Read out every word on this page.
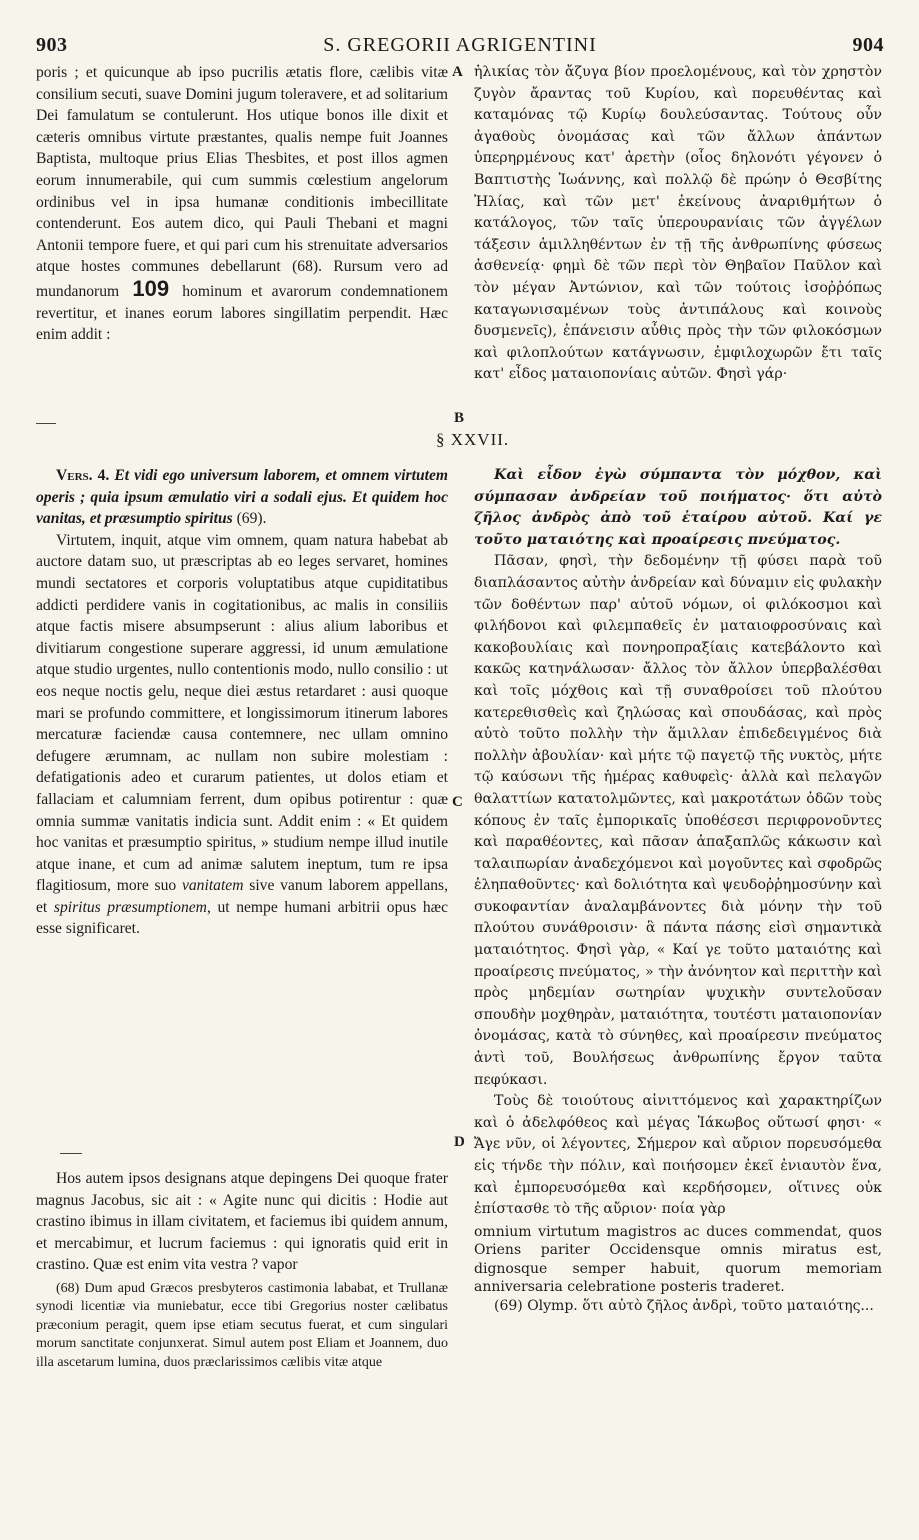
903	S. GREGORII AGRIGENTINI	904
A
B
C
D

poris ; et quicunque ab ipso pucrilis ætatis flore, cælibis vitæ consilium secuti, suave Domini jugum toleravere, et ad solitarium Dei famulatum se contulerunt. Hos utique bonos ille dixit et cæteris omnibus virtute præstantes, qualis nempe fuit Joannes Baptista, multoque prius Elias Thesbites, et post illos agmen eorum innumerabile, qui cum summis cœlestium angelorum ordinibus vel in ipsa humanæ conditionis imbecillitate contenderunt. Eos autem dico, qui Pauli Thebani et magni Antonii tempore fuere, et qui pari cum his strenuitate adversarios atque hostes communes debellarunt (68). Rursum vero ad mundanorum 109 hominum et avarorum condemnationem revertitur, et inanes eorum labores singillatim perpendit. Hæc enim addit :

§ XXVII.

Vers. 4. Et vidi ego universum laborem, et omnem virtutem operis ; quia ipsum æmulatio viri a sodali ejus. Et quidem hoc vanitas, et præsumptio spiritus (69).

Virtutem, inquit, atque vim omnem, quam natura habebat ab auctore datam suo, ut præscriptas ab eo leges servaret, homines mundi sectatores et corporis voluptatibus atque cupiditatibus addicti perdidere vanis in cogitationibus, ac malis in consiliis atque factis misere absumpserunt : alius alium laboribus et divitiarum congestione superare aggressi, id unum æmulatione atque studio urgentes, nullo contentionis modo, nullo consilio : ut eos neque noctis gelu, neque diei æstus retardaret : ausi quoque mari se profundo committere, et longissimorum itinerum labores mercaturæ faciendæ causa contemnere, nec ullam omnino defugere ærumnam, ac nullam non subire molestiam : defatigationis adeo et curarum patientes, ut dolos etiam et fallaciam et calumniam ferrent, dum opibus potirentur : quæ omnia summæ vanitatis indicia sunt. Addit enim : « Et quidem hoc vanitas et præsumptio spiritus, » studium nempe illud inutile atque inane, et cum ad animæ salutem ineptum, tum re ipsa flagitiosum, more suo vanitatem sive vanum laborem appellans, et spiritus præsumptionem, ut nempe humani arbitrii opus hæc esse significaret.

Hos autem ipsos designans atque depingens Dei quoque frater magnus Jacobus, sic ait : « Agite nunc qui dicitis : Hodie aut crastino ibimus in illam civitatem, et faciemus ibi quidem annum, et mercabimur, et lucrum faciemus : qui ignoratis quid erit in crastino. Quæ est enim vita vestra ? vapor

(68) Dum apud Græcos presbyteros castimonia lababat, et Trullanæ synodi licentiæ via muniebatur, ecce tibi Gregorius noster cælibatus præconium peragit, quem ipse etiam secutus fuerat, et cum singulari morum sanctitate conjunxerat. Simul autem post Eliam et Joannem, duo illa ascetarum lumina, duos præclarissimos cælibis vitæ atque

ἡλικίας τὸν ἄζυγα βίον προελομένους, καὶ τὸν χρηστὸν ζυγὸν ἄραντας τοῦ Κυρίου, καὶ πορευθέντας καὶ καταμόνας τῷ Κυρίῳ δουλεύσαντας. Τούτους οὖν ἀγαθοὺς ὀνομάσας καὶ τῶν ἄλλων ἁπάντων ὑπερηρμένους κατ' ἀρετὴν (οἷος δηλονότι γέγονεν ὁ Βαπτιστὴς Ἰωάννης, καὶ πολλῷ δὲ πρώην ὁ Θεσβίτης Ἠλίας, καὶ τῶν μετ' ἐκείνους ἀναριθμήτων ὁ κατάλογος, τῶν ταῖς ὑπερουρανίαις τῶν ἀγγέλων τάξεσιν ἁμιλληθέντων ἐν τῇ τῆς ἀνθρωπίνης φύσεως ἀσθενείᾳ· φημὶ δὲ τῶν περὶ τὸν Θηβαῖον Παῦλον καὶ τὸν μέγαν Ἀντώνιον, καὶ τῶν τούτοις ἰσοῤῥόπως καταγωνισαμένων τοὺς ἀντιπάλους καὶ κοινοὺς δυσμενεῖς), ἐπάνεισιν αὖθις πρὸς τὴν τῶν φιλοκόσμων καὶ φιλοπλούτων κατάγνωσιν, ἐμφιλοχωρῶν ἔτι ταῖς κατ' εἶδος ματαιοπονίαις αὐτῶν. Φησὶ γάρ·

Καὶ εἶδον ἐγὼ σύμπαντα τὸν μόχθον, καὶ σύμπασαν ἀνδρείαν τοῦ ποιήματος· ὅτι αὐτὸ ζῆλος ἀνδρὸς ἀπὸ τοῦ ἑταίρου αὐτοῦ. Καί γε τοῦτο ματαιότης καὶ προαίρεσις πνεύματος.

Πᾶσαν, φησὶ, τὴν δεδομένην τῇ φύσει παρὰ τοῦ διαπλάσαντος αὐτὴν ἀνδρείαν καὶ δύναμιν εἰς φυλακὴν τῶν δοθέντων παρ' αὐτοῦ νόμων, οἱ φιλόκοσμοι καὶ φιλήδονοι καὶ φιλεμπαθεῖς ἐν ματαιοφροσύναις καὶ κακοβουλίαις καὶ πονηροπραξίαις κατεβάλοντο καὶ κακῶς κατηνάλωσαν· ἄλλος τὸν ἄλλον ὑπερβαλέσθαι καὶ τοῖς μόχθοις καὶ τῇ συναθροίσει τοῦ πλούτου κατερεθισθεὶς καὶ ζηλώσας καὶ σπουδάσας, καὶ πρὸς αὐτὸ τοῦτο πολλὴν τὴν ἅμιλλαν ἐπιδεδειγμένος διὰ πολλὴν ἀβουλίαν· καὶ μήτε τῷ παγετῷ τῆς νυκτὸς, μήτε τῷ καύσωνι τῆς ἡμέρας καθυφεὶς· ἀλλὰ καὶ πελαγῶν θαλαττίων κατατολμῶντες, καὶ μακροτάτων ὁδῶν τοὺς κόπους ἐν ταῖς ἐμπορικαῖς ὑποθέσεσι περιφρονοῦντες καὶ παραθέοντες, καὶ πᾶσαν ἁπαξαπλῶς κάκωσιν καὶ ταλαιπωρίαν ἀναδεχόμενοι καὶ μογοῦντες καὶ σφοδρῶς ἐληπαθοῦντες· καὶ δολιότητα καὶ ψευδοῤῥημοσύνην καὶ συκοφαντίαν ἀναλαμβάνοντες διὰ μόνην τὴν τοῦ πλούτου συνάθροισιν· ἃ πάντα πάσης εἰσὶ σημαντικὰ ματαιότητος. Φησὶ γὰρ, « Καί γε τοῦτο ματαιότης καὶ προαίρεσις πνεύματος, » τὴν ἀνόνητον καὶ περιττὴν καὶ πρὸς μηδεμίαν σωτηρίαν ψυχικὴν συντελοῦσαν σπουδὴν μοχθηρὰν, ματαιότητα, τουτέστι ματαιοπονίαν ὀνομάσας, κατὰ τὸ σύνηθες, καὶ προαίρεσιν πνεύματος ἀντὶ τοῦ, Βουλήσεως ἀνθρωπίνης ἔργον ταῦτα πεφύκασι.

Τοὺς δὲ τοιούτους αἰνιττόμενος καὶ χαρακτηρίζων καὶ ὁ ἀδελφόθεος καὶ μέγας Ἰάκωβος οὕτωσί φησι· « Ἄγε νῦν, οἱ λέγοντες, Σήμερον καὶ αὔριον πορευσόμεθα εἰς τήνδε τὴν πόλιν, καὶ ποιήσομεν ἐκεῖ ἐνιαυτὸν ἕνα, καὶ ἐμπορευσόμεθα καὶ κερδήσομεν, οἵτινες οὐκ ἐπίστασθε τὸ τῆς αὔριον· ποία γὰρ

omnium virtutum magistros ac duces commendat, quos Oriens pariter Occidensque omnis miratus est, dignosque semper habuit, quorum memoriam anniversaria celebratione posteris traderet.

(69) Olymp. ὅτι αὐτὸ ζῆλος ἀνδρὶ, τοῦτο ματαιότης...
